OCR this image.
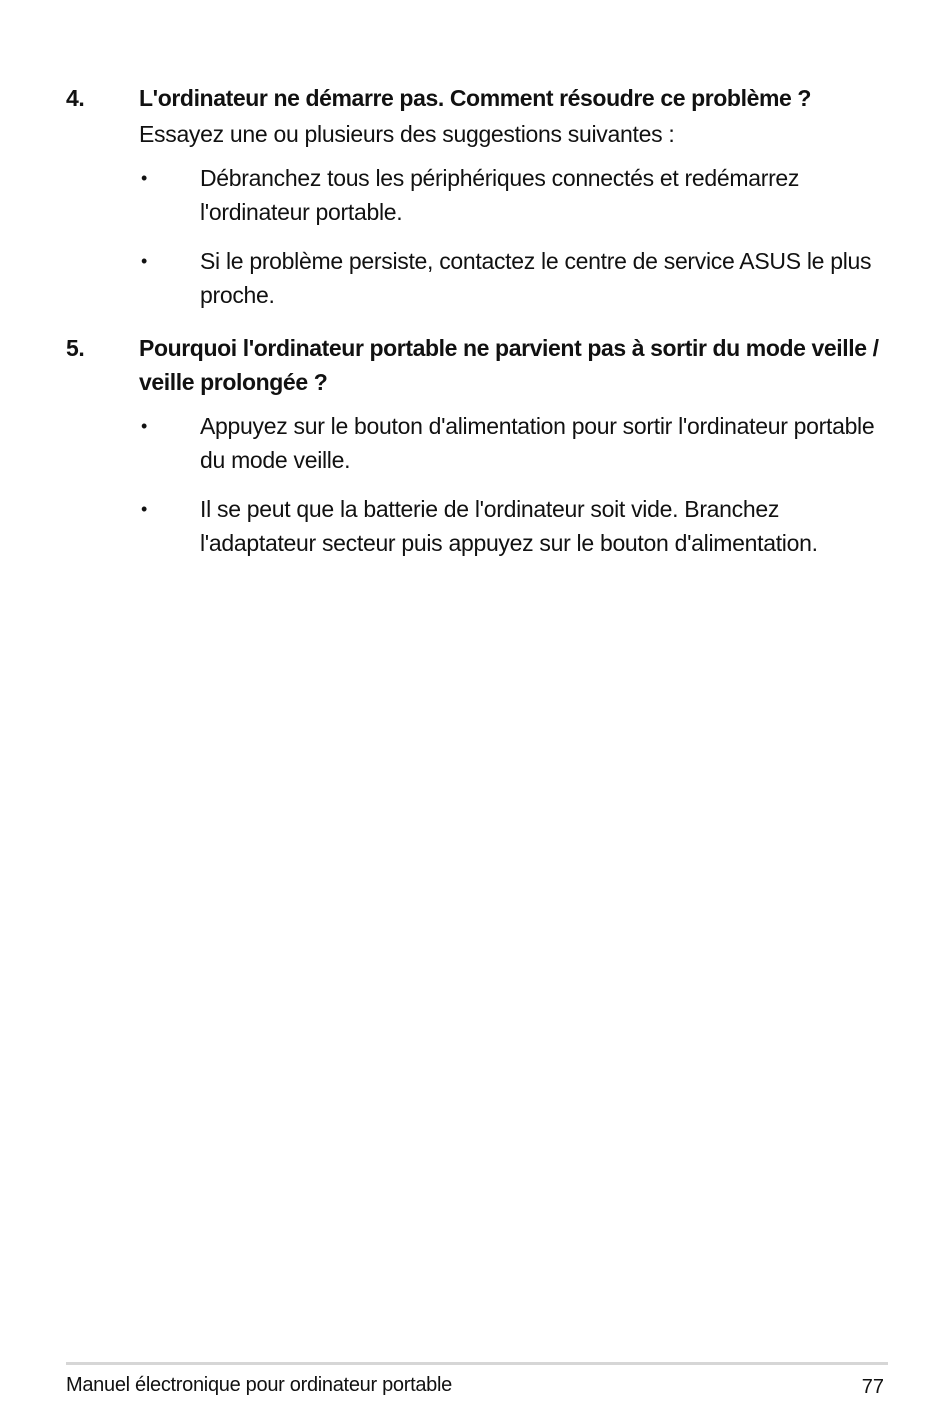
4. L'ordinateur ne démarre pas. Comment résoudre ce problème ?
Essayez une ou plusieurs des suggestions suivantes :
• Débranchez tous les périphériques connectés et redémarrez l'ordinateur portable.
• Si le problème persiste, contactez le centre de service ASUS le plus proche.
5. Pourquoi l'ordinateur portable ne parvient pas à sortir du mode veille / veille prolongée ?
• Appuyez sur le bouton d'alimentation pour sortir l'ordinateur portable du mode veille.
• Il se peut que la batterie de l'ordinateur soit vide. Branchez l'adaptateur secteur puis appuyez sur le bouton d'alimentation.
Manuel électronique pour ordinateur portable	77
